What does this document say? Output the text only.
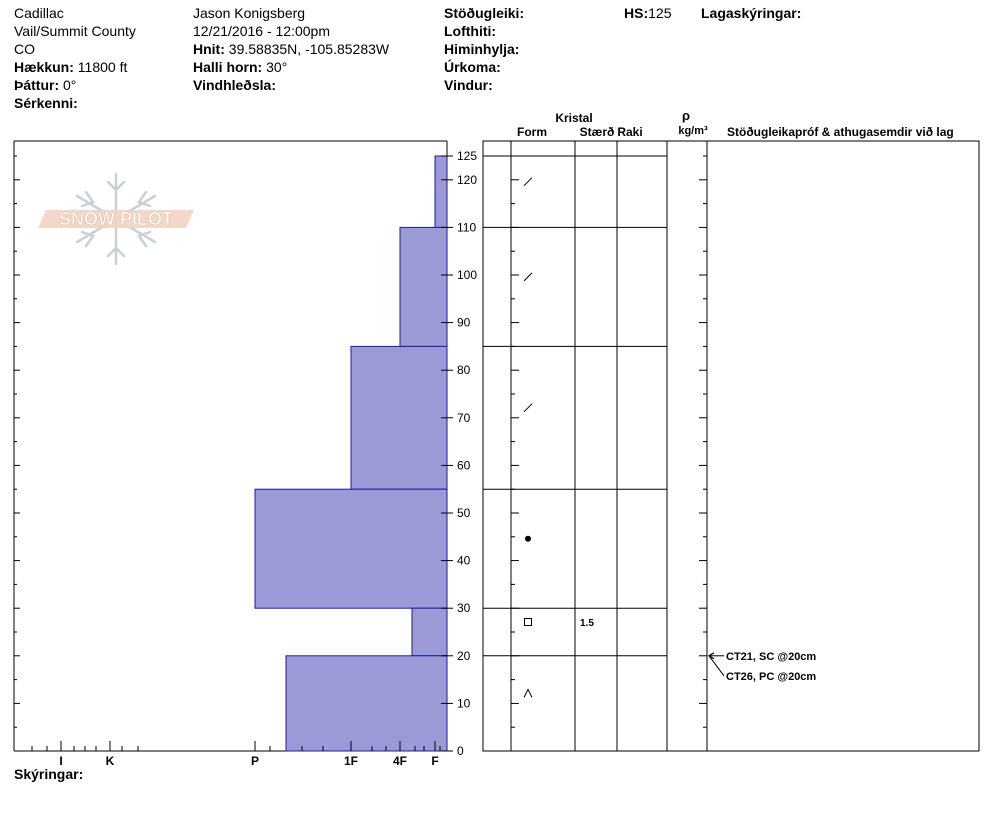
Cadillac
Vail/Summit County
CO
Hækkun: 11800 ft
Þáttur: 0°
Sérkenni:
Jason Konigsberg
12/21/2016 - 12:00pm
Hnit: 39.58835N, -105.85283W
Halli horn: 30°
Vindhleðsla:
Stöðugleiki:
Lofthiti:
Himinhylja:
Úrkoma:
Vindur:
HS:125 Lagaskýringar:
SNOW PILOT
0
10
20
30
40
50
60
70
80
90
100
110
120
125
I	K	P	1F	4F F
Kristal
Form	Stærð Raki
ρ
kg/m³ Stöðugleikapróf & athugasemdir við lag
1.5
CT21, SC @20cm
CT26, PC @20cm
Skýringar:
